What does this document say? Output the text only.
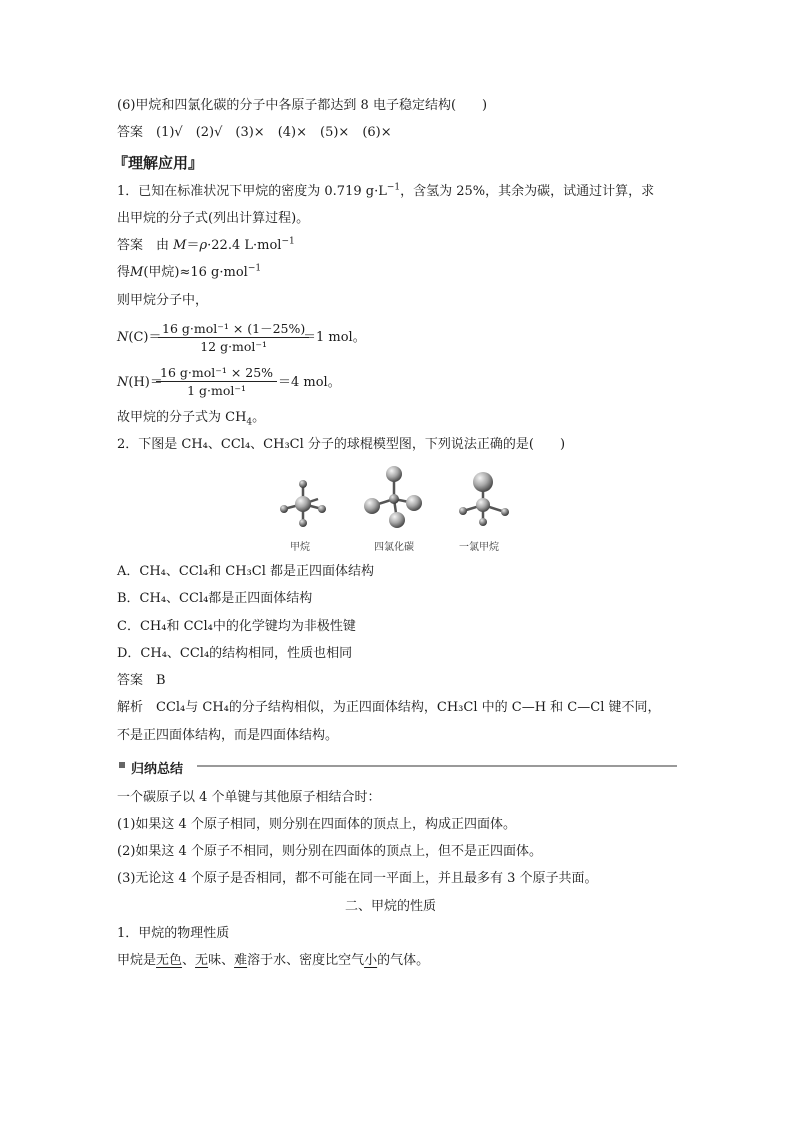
(6)甲烷和四氯化碳的分子中各原子都达到 8 电子稳定结构(　　)
答案　(1)√　(2)√　(3)×　(4)×　(5)×　(6)×
『理解应用』
1．已知在标准状况下甲烷的密度为 0.719 $g\cdot L^{-1}$，含氢为 25%，其余为碳，试通过计算，求
出甲烷的分子式(列出计算过程)。
答案　由 M＝ρ·22.4 L·mol$^{-1}$
得M(甲烷)≈16 g·mol$^{-1}$
则甲烷分子中，
N(C)＝
16 g·mol⁻¹ × (1－25%)
12 g·mol⁻¹
＝1 mol。
N(H)＝
16 g·mol⁻¹ × 25%
1 g·mol⁻¹
＝4 mol。
故甲烷的分子式为 $CH_4$。
2．下图是 CH₄、CCl₄、CH₃Cl 分子的球棍模型图，下列说法正确的是(　　)
甲烷	四氯化碳	一氯甲烷
A．CH₄、CCl₄和 CH₃Cl 都是正四面体结构
B．CH₄、CCl₄都是正四面体结构
C．CH₄和 CCl₄中的化学键均为非极性键
D．CH₄、CCl₄的结构相同，性质也相同
答案　B
解析　CCl₄与 CH₄的分子结构相似，为正四面体结构，CH₃Cl 中的 C—H 和 C—Cl 键不同，
不是正四面体结构，而是四面体结构。
归纳总结
一个碳原子以 4 个单键与其他原子相结合时：
(1)如果这 4 个原子相同，则分别在四面体的顶点上，构成正四面体。
(2)如果这 4 个原子不相同，则分别在四面体的顶点上，但不是正四面体。
(3)无论这 4 个原子是否相同，都不可能在同一平面上，并且最多有 3 个原子共面。
二、甲烷的性质
1．甲烷的物理性质
甲烷是无色、无味、难溶于水、密度比空气小的气体。
